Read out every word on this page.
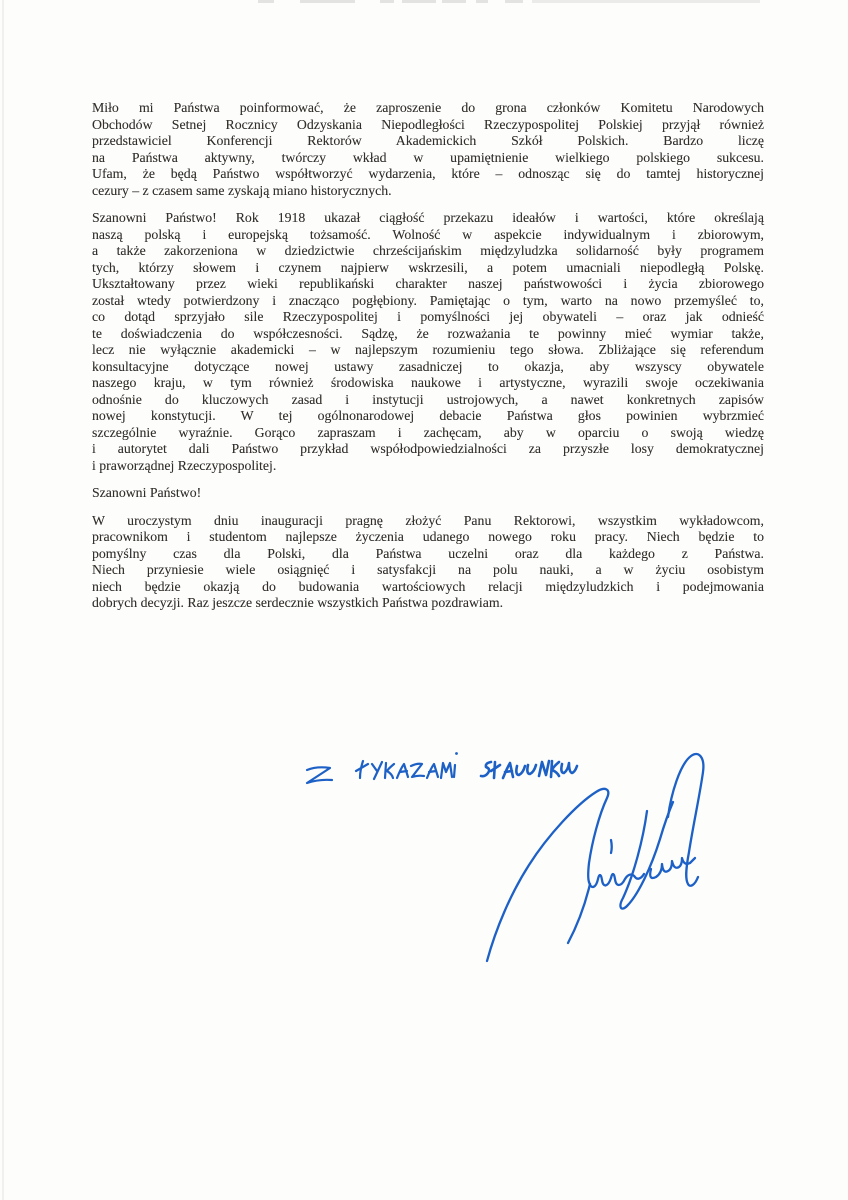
Miło mi Państwa poinformować, że zaproszenie do grona członków Komitetu Narodowych
Obchodów Setnej Rocznicy Odzyskania Niepodległości Rzeczypospolitej Polskiej przyjął również
przedstawiciel Konferencji Rektorów Akademickich Szkół Polskich. Bardzo liczę
na Państwa aktywny, twórczy wkład w upamiętnienie wielkiego polskiego sukcesu.
Ufam, że będą Państwo współtworzyć wydarzenia, które – odnosząc się do tamtej historycznej
cezury – z czasem same zyskają miano historycznych.
Szanowni Państwo! Rok 1918 ukazał ciągłość przekazu ideałów i wartości, które określają
naszą polską i europejską tożsamość. Wolność w aspekcie indywidualnym i zbiorowym,
a także zakorzeniona w dziedzictwie chrześcijańskim międzyludzka solidarność były programem
tych, którzy słowem i czynem najpierw wskrzesili, a potem umacniali niepodległą Polskę.
Ukształtowany przez wieki republikański charakter naszej państwowości i życia zbiorowego
został wtedy potwierdzony i znacząco pogłębiony. Pamiętając o tym, warto na nowo przemyśleć to,
co dotąd sprzyjało sile Rzeczypospolitej i pomyślności jej obywateli – oraz jak odnieść
te doświadczenia do współczesności. Sądzę, że rozważania te powinny mieć wymiar także,
lecz nie wyłącznie akademicki – w najlepszym rozumieniu tego słowa. Zbliżające się referendum
konsultacyjne dotyczące nowej ustawy zasadniczej to okazja, aby wszyscy obywatele
naszego kraju, w tym również środowiska naukowe i artystyczne, wyrazili swoje oczekiwania
odnośnie do kluczowych zasad i instytucji ustrojowych, a nawet konkretnych zapisów
nowej konstytucji. W tej ogólnonarodowej debacie Państwa głos powinien wybrzmieć
szczególnie wyraźnie. Gorąco zapraszam i zachęcam, aby w oparciu o swoją wiedzę
i autorytet dali Państwo przykład współodpowiedzialności za przyszłe losy demokratycznej
i praworządnej Rzeczypospolitej.
Szanowni Państwo!
W uroczystym dniu inauguracji pragnę złożyć Panu Rektorowi, wszystkim wykładowcom,
pracownikom i studentom najlepsze życzenia udanego nowego roku pracy. Niech będzie to
pomyślny czas dla Polski, dla Państwa uczelni oraz dla każdego z Państwa.
Niech przyniesie wiele osiągnięć i satysfakcji na polu nauki, a w życiu osobistym
niech będzie okazją do budowania wartościowych relacji międzyludzkich i podejmowania
dobrych decyzji. Raz jeszcze serdecznie wszystkich Państwa pozdrawiam.
